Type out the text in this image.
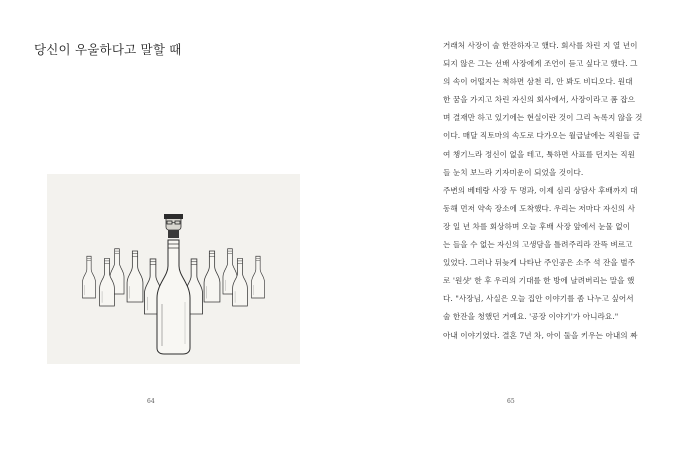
당신이 우울하다고 말할 때
64
거래처 사장이 술 한잔하자고 했다. 회사를 차린 지 열 년이
되지 않은 그는 선배 사장에게 조언이 듣고 싶다고 했다. 그
의 속이 어떨지는 척하면 삼천 리, 안 봐도 비디오다. 원대
한 꿈을 가지고 차린 자신의 회사에서, 사장이라고 폼 잡으
며 결재만 하고 있기에는 현실이란 것이 그리 녹록지 않을 것
이다. 매달 직토마의 속도로 다가오는 월급날에는 직원들 급
여 챙기느라 정신이 없을 테고, 툭하면 사표를 던지는 직원
들 눈치 보느라 기자미운이 되었을 것이다.
주변의 베테랑 사장 두 명과, 이제 심리 상담사 후배까지 대
동해 먼저 약속 장소에 도착했다. 우리는 저마다 자신의 사
장 일 년 차를 회상하며 오늘 후배 사장 앞에서 눈물 없이
는 들을 수 없는 자신의 고생담을 틀려주리라 잔뜩 벼르고
있었다. 그러나 뒤늦게 나타난 주인공은 소주 석 잔을 벌주
로 '원샷' 한 후 우리의 기대를 한 방에 날려버리는 말을 했
다. "사장님, 사실은 오늘 집안 이야기를 좀 나누고 싶어서
술 한잔을 청했던 거예요. '공장 이야기'가 아니라요."
아내 이야기였다. 결혼 7년 차, 아이 둘을 키우는 아내의 짜
65
